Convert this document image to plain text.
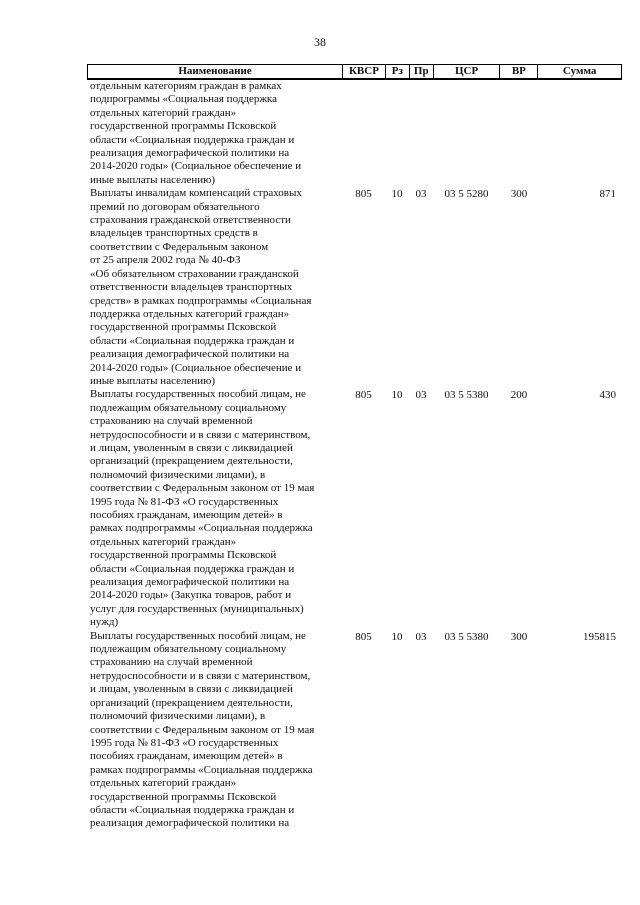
38
Наименование	КВСР	Рз	Пр	ЦСР	ВР	Сумма
отдельным категориям граждан в рамках
подпрограммы «Социальная поддержка
отдельных категорий граждан»
государственной программы Псковской
области «Социальная поддержка граждан и
реализация демографической политики на
2014-2020 годы» (Социальное обеспечение и
иные выплаты населению)
Выплаты инвалидам компенсаций страховых
премий по договорам обязательного
страхования гражданской ответственности
владельцев транспортных средств в
соответствии с Федеральным законом
от 25 апреля 2002 года № 40-ФЗ
«Об обязательном страховании гражданской
ответственности владельцев транспортных
средств» в рамках подпрограммы «Социальная
поддержка отдельных категорий граждан»
государственной программы Псковской
области «Социальная поддержка граждан и
реализация демографической политики на
2014-2020 годы» (Социальное обеспечение и
иные выплаты населению)
805	10	03	03 5 5280	300	871
Выплаты государственных пособий лицам, не
подлежащим обязательному социальному
страхованию на случай временной
нетрудоспособности и в связи с материнством,
и лицам, уволенным в связи с ликвидацией
организаций (прекращением деятельности,
полномочий физическими лицами), в
соответствии с Федеральным законом от 19 мая
1995 года № 81-ФЗ «О государственных
пособиях гражданам, имеющим детей» в
рамках подпрограммы «Социальная поддержка
отдельных категорий граждан»
государственной программы Псковской
области «Социальная поддержка граждан и
реализация демографической политики на
2014-2020 годы» (Закупка товаров, работ и
услуг для государственных (муниципальных)
нужд)
805	10	03	03 5 5380	200	430
Выплаты государственных пособий лицам, не
подлежащим обязательному социальному
страхованию на случай временной
нетрудоспособности и в связи с материнством,
и лицам, уволенным в связи с ликвидацией
организаций (прекращением деятельности,
полномочий физическими лицами), в
соответствии с Федеральным законом от 19 мая
1995 года № 81-ФЗ «О государственных
пособиях гражданам, имеющим детей» в
рамках подпрограммы «Социальная поддержка
отдельных категорий граждан»
государственной программы Псковской
области «Социальная поддержка граждан и
реализация демографической политики на
805	10	03	03 5 5380	300	195815
